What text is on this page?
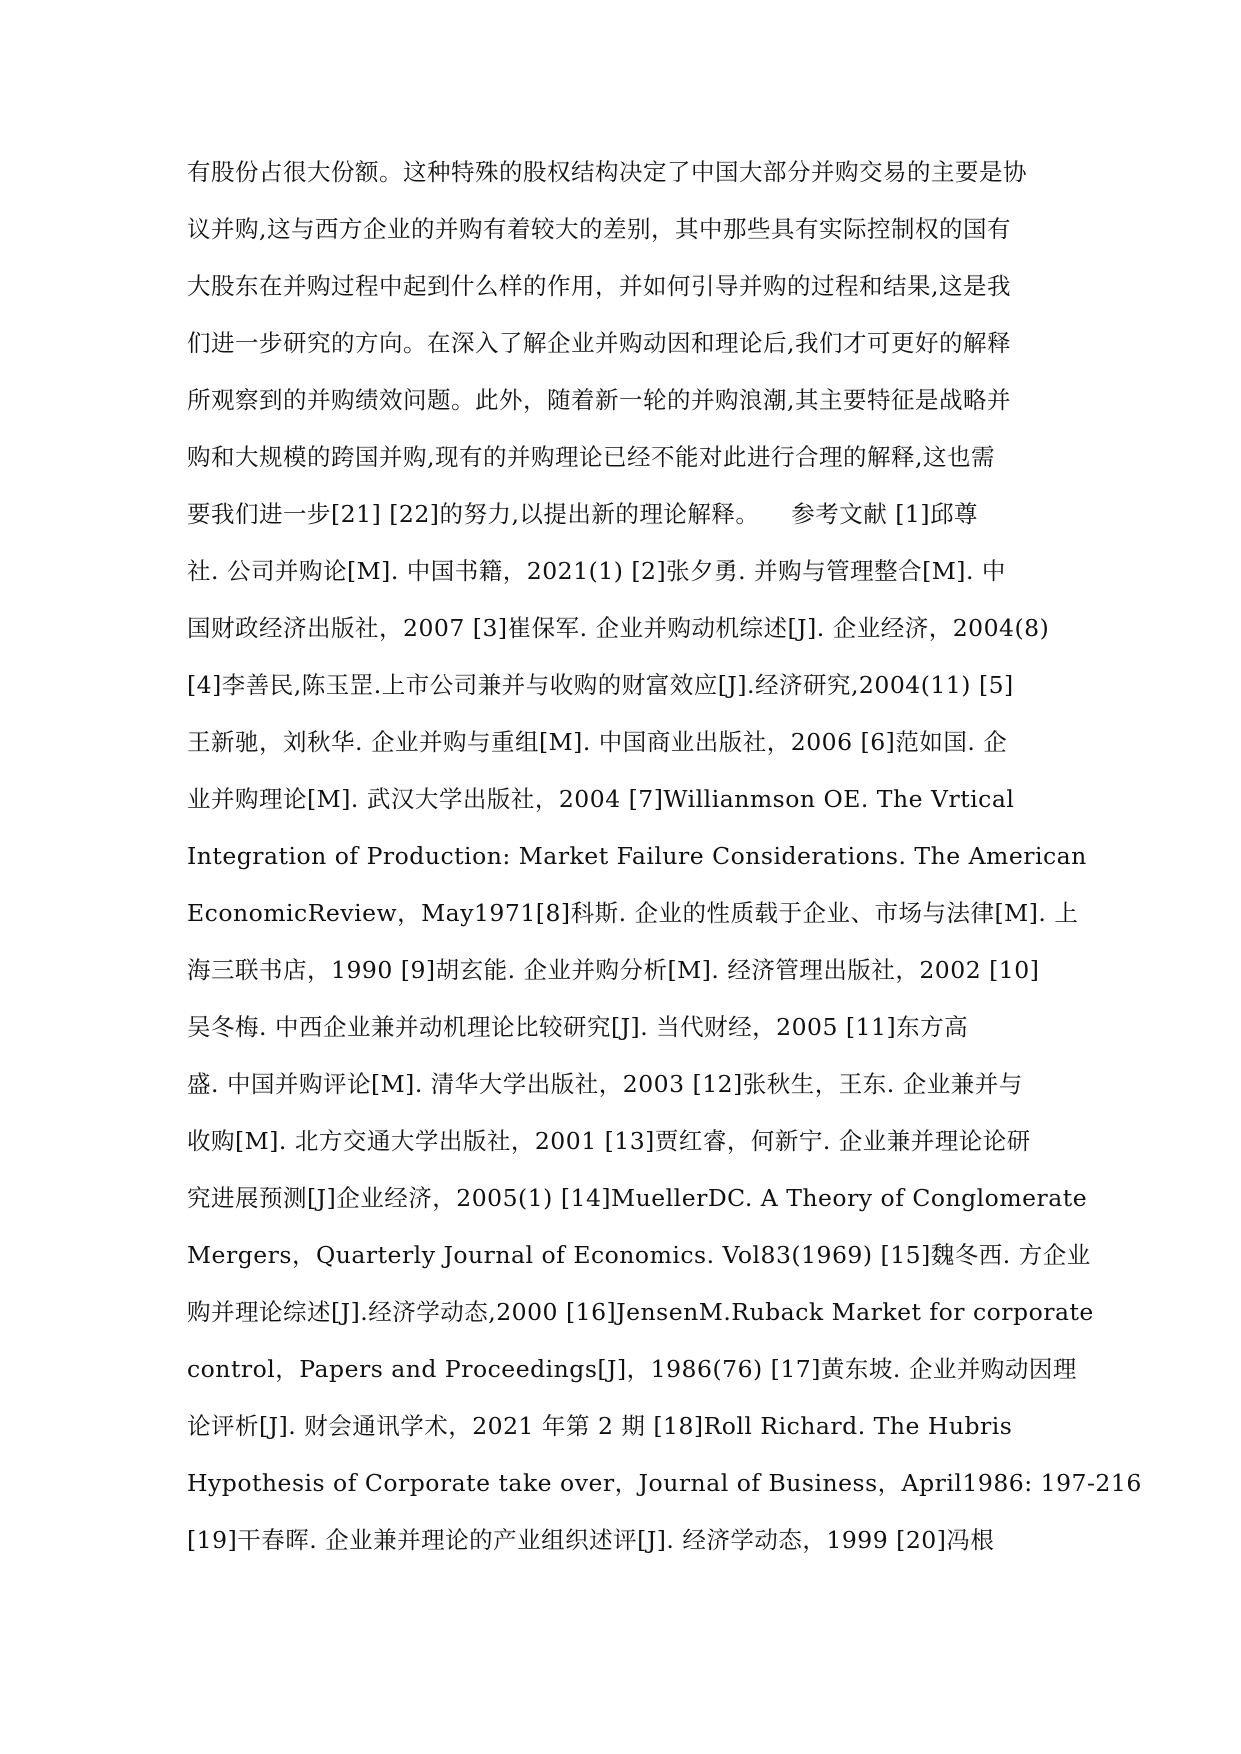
有股份占很大份额。这种特殊的股权结构决定了中国大部分并购交易的主要是协
议并购,这与西方企业的并购有着较大的差别，其中那些具有实际控制权的国有
大股东在并购过程中起到什么样的作用，并如何引导并购的过程和结果,这是我
们进一步研究的方向。在深入了解企业并购动因和理论后,我们才可更好的解释
所观察到的并购绩效问题。此外，随着新一轮的并购浪潮,其主要特征是战略并
购和大规模的跨国并购,现有的并购理论已经不能对此进行合理的解释,这也需
要我们进一步[21] [22]的努力,以提出新的理论解释。    参考文献 [1]邱尊
社. 公司并购论[M]. 中国书籍，2021(1) [2]张夕勇. 并购与管理整合[M]. 中
国财政经济出版社，2007 [3]崔保军. 企业并购动机综述[J]. 企业经济，2004(8)
[4]李善民,陈玉罡.上市公司兼并与收购的财富效应[J].经济研究,2004(11) [5]
王新驰，刘秋华. 企业并购与重组[M]. 中国商业出版社，2006 [6]范如国. 企
业并购理论[M]. 武汉大学出版社，2004 [7]Willianmson OE. The Vrtical
Integration of Production: Market Failure Considerations. The American
EconomicReview，May1971[8]科斯. 企业的性质载于企业、市场与法律[M]. 上
海三联书店，1990 [9]胡玄能. 企业并购分析[M]. 经济管理出版社，2002 [10]
吴冬梅. 中西企业兼并动机理论比较研究[J]. 当代财经，2005 [11]东方高
盛. 中国并购评论[M]. 清华大学出版社，2003 [12]张秋生，王东. 企业兼并与
收购[M]. 北方交通大学出版社，2001 [13]贾红睿，何新宁. 企业兼并理论论研
究进展预测[J]企业经济，2005(1) [14]MuellerDC. A Theory of Conglomerate
Mergers，Quarterly Journal of Economics. Vol83(1969) [15]魏冬西. 方企业
购并理论综述[J].经济学动态,2000 [16]JensenM.Ruback Market for corporate
control，Papers and Proceedings[J]，1986(76) [17]黄东坡. 企业并购动因理
论评析[J]. 财会通讯学术，2021 年第 2 期 [18]Roll Richard. The Hubris
Hypothesis of Corporate take over，Journal of Business，April1986: 197-216
[19]干春晖. 企业兼并理论的产业组织述评[J]. 经济学动态，1999 [20]冯根
